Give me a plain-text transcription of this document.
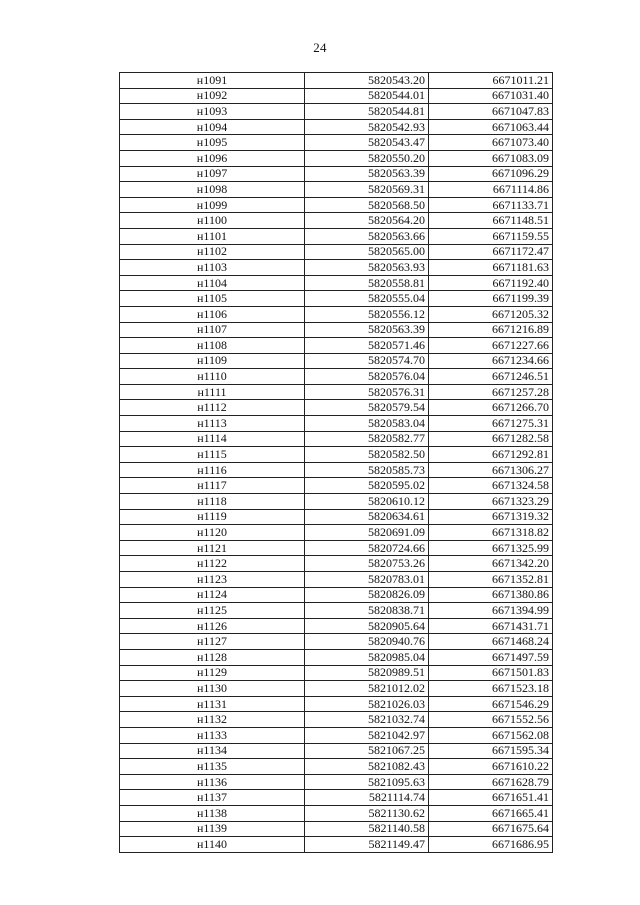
24
н1091	5820543.20	6671011.21
н1092	5820544.01	6671031.40
н1093	5820544.81	6671047.83
н1094	5820542.93	6671063.44
н1095	5820543.47	6671073.40
н1096	5820550.20	6671083.09
н1097	5820563.39	6671096.29
н1098	5820569.31	6671114.86
н1099	5820568.50	6671133.71
н1100	5820564.20	6671148.51
н1101	5820563.66	6671159.55
н1102	5820565.00	6671172.47
н1103	5820563.93	6671181.63
н1104	5820558.81	6671192.40
н1105	5820555.04	6671199.39
н1106	5820556.12	6671205.32
н1107	5820563.39	6671216.89
н1108	5820571.46	6671227.66
н1109	5820574.70	6671234.66
н1110	5820576.04	6671246.51
н1111	5820576.31	6671257.28
н1112	5820579.54	6671266.70
н1113	5820583.04	6671275.31
н1114	5820582.77	6671282.58
н1115	5820582.50	6671292.81
н1116	5820585.73	6671306.27
н1117	5820595.02	6671324.58
н1118	5820610.12	6671323.29
н1119	5820634.61	6671319.32
н1120	5820691.09	6671318.82
н1121	5820724.66	6671325.99
н1122	5820753.26	6671342.20
н1123	5820783.01	6671352.81
н1124	5820826.09	6671380.86
н1125	5820838.71	6671394.99
н1126	5820905.64	6671431.71
н1127	5820940.76	6671468.24
н1128	5820985.04	6671497.59
н1129	5820989.51	6671501.83
н1130	5821012.02	6671523.18
н1131	5821026.03	6671546.29
н1132	5821032.74	6671552.56
н1133	5821042.97	6671562.08
н1134	5821067.25	6671595.34
н1135	5821082.43	6671610.22
н1136	5821095.63	6671628.79
н1137	5821114.74	6671651.41
н1138	5821130.62	6671665.41
н1139	5821140.58	6671675.64
н1140	5821149.47	6671686.95
